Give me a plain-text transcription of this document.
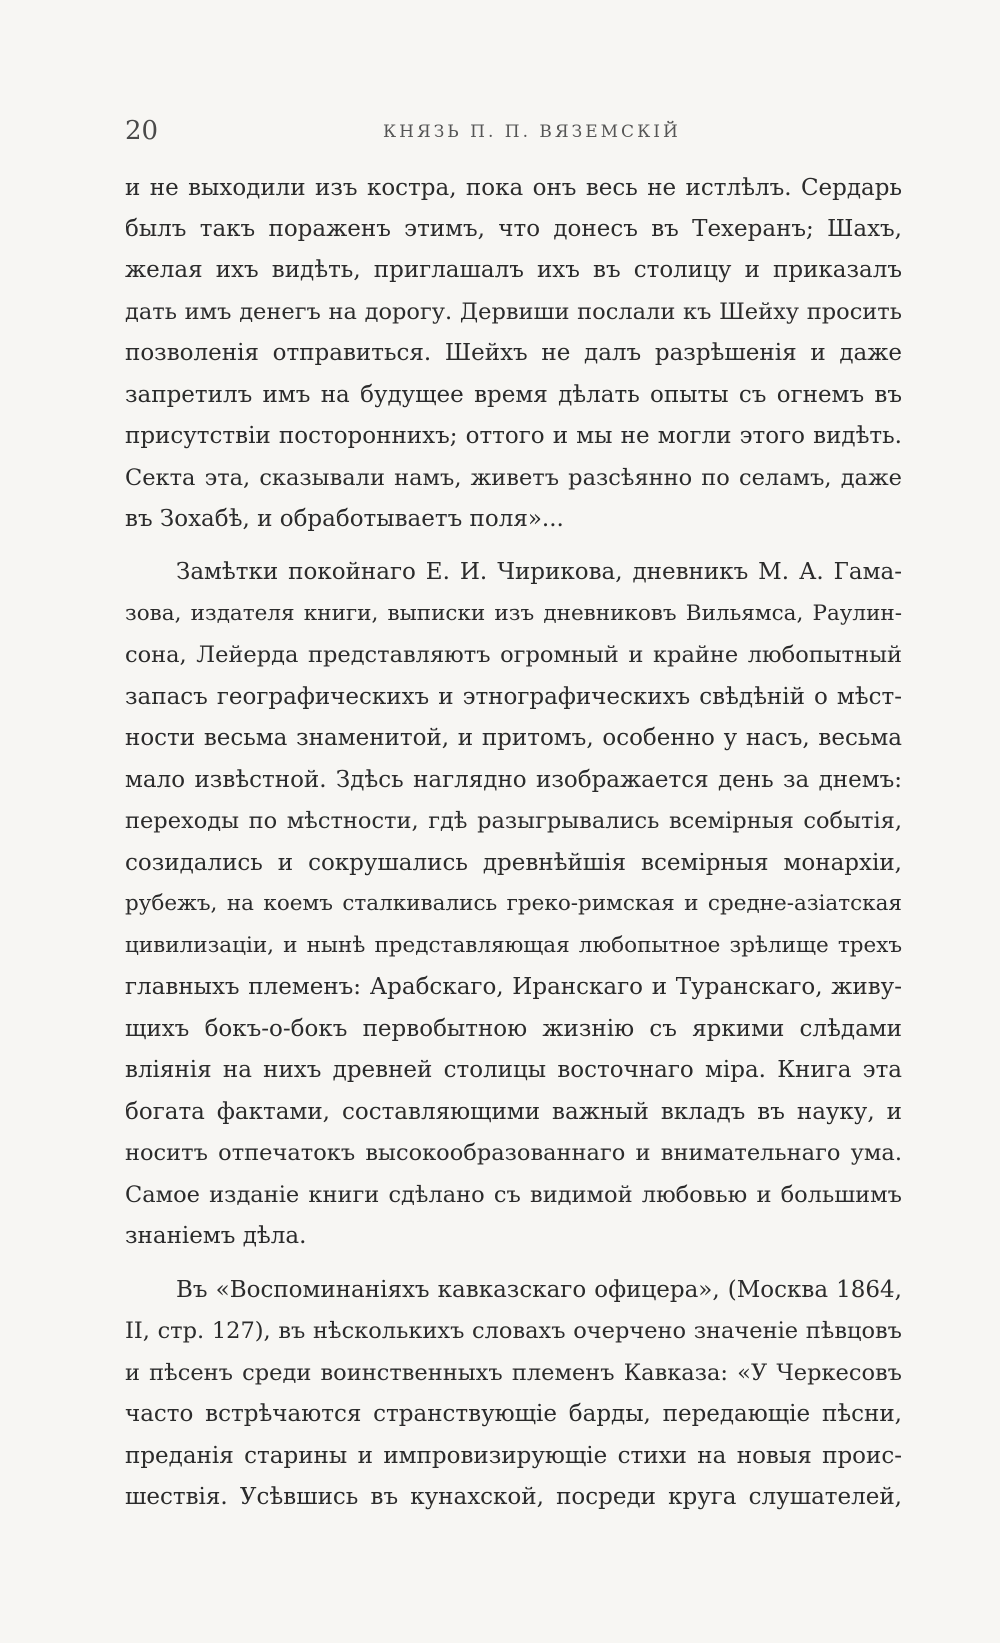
20	КНЯЗЬ П. П. ВЯЗЕМСКІЙ
и не выходили изъ костра, пока онъ весь не истлѣлъ. Сердарь
былъ такъ пораженъ этимъ, что донесъ въ Техеранъ; Шахъ,
желая ихъ видѣть, приглашалъ ихъ въ столицу и приказалъ
дать имъ денегъ на дорогу. Дервиши послали къ Шейху просить
позволенія отправиться. Шейхъ не далъ разрѣшенія и даже
запретилъ имъ на будущее время дѣлать опыты съ огнемъ въ
присутствіи постороннихъ; оттого и мы не могли этого видѣть.
Секта эта, сказывали намъ, живетъ разсѣянно по селамъ, даже
въ Зохабѣ, и обработываетъ поля»...
Замѣтки покойнаго Е. И. Чирикова, дневникъ М. А. Гама-
зова, издателя книги, выписки изъ дневниковъ Вильямса, Раулин-
сона, Лейерда представляютъ огромный и крайне любопытный
запасъ географическихъ и этнографическихъ свѣдѣній о мѣст-
ности весьма знаменитой, и притомъ, особенно у насъ, весьма
мало извѣстной. Здѣсь наглядно изображается день за днемъ:
переходы по мѣстности, гдѣ разыгрывались всемірныя событія,
созидались и сокрушались древнѣйшія всемірныя монархіи,
рубежъ, на коемъ сталкивались греко-римская и средне-азіатская
цивилизаціи, и нынѣ представляющая любопытное зрѣлище трехъ
главныхъ племенъ: Арабскаго, Иранскаго и Туранскаго, живу-
щихъ бокъ-о-бокъ первобытною жизнію съ яркими слѣдами
вліянія на нихъ древней столицы восточнаго міра. Книга эта
богата фактами, составляющими важный вкладъ въ науку, и
носитъ отпечатокъ высокообразованнаго и внимательнаго ума.
Самое изданіе книги сдѣлано съ видимой любовью и большимъ
знаніемъ дѣла.
Въ «Воспоминаніяхъ кавказскаго офицера», (Москва 1864,
II, стр. 127), въ нѣсколькихъ словахъ очерчено значеніе пѣвцовъ
и пѣсенъ среди воинственныхъ племенъ Кавказа: «У Черкесовъ
часто встрѣчаются странствующіе барды, передающіе пѣсни,
преданія старины и импровизирующіе стихи на новыя проис-
шествія. Усѣвшись въ кунахской, посреди круга слушателей,
